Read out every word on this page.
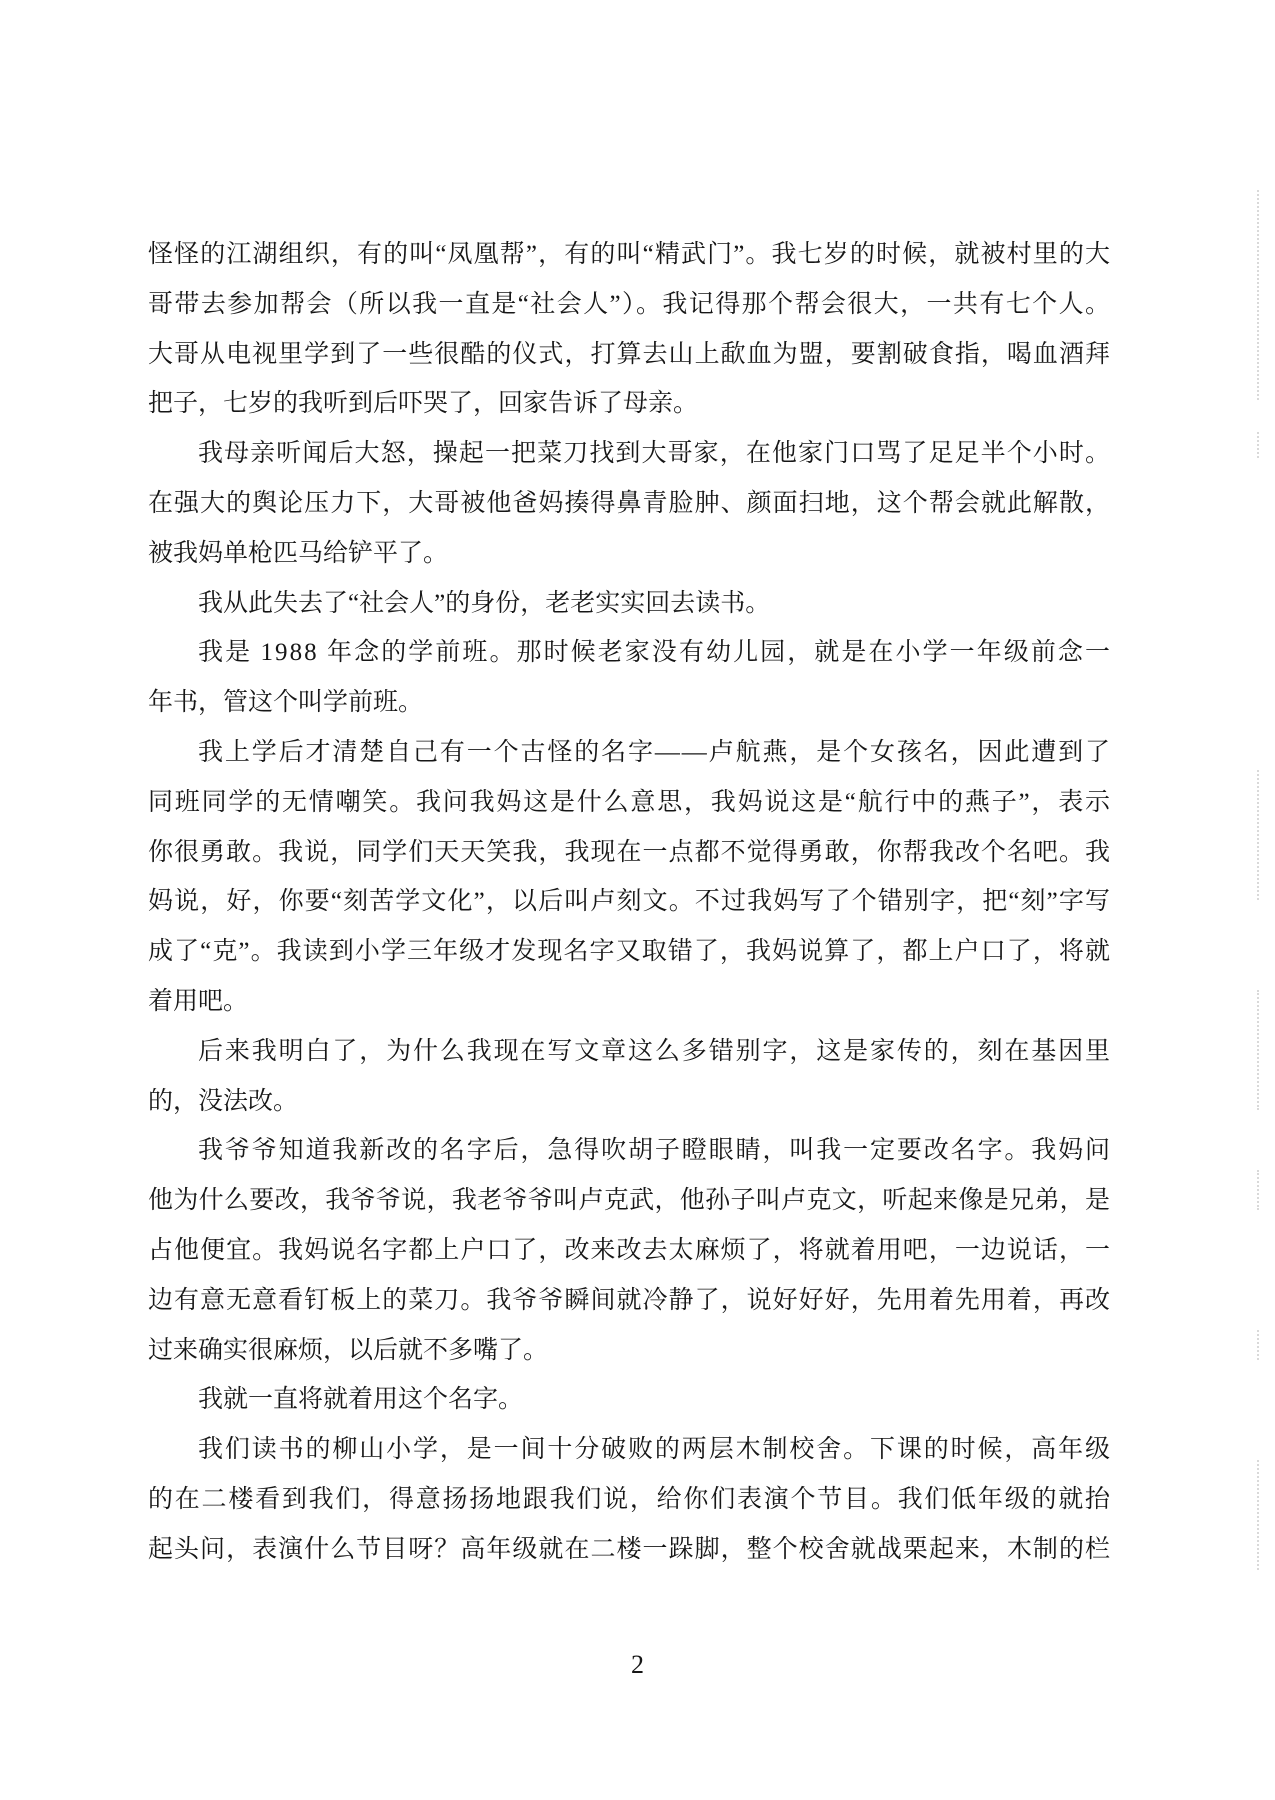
怪怪的江湖组织，有的叫“凤凰帮”，有的叫“精武门”。我七岁的时候，就被村里的大
哥带去参加帮会（所以我一直是“社会人”）。我记得那个帮会很大，一共有七个人。
大哥从电视里学到了一些很酷的仪式，打算去山上歃血为盟，要割破食指，喝血酒拜
把子，七岁的我听到后吓哭了，回家告诉了母亲。
我母亲听闻后大怒，操起一把菜刀找到大哥家，在他家门口骂了足足半个小时。
在强大的舆论压力下，大哥被他爸妈揍得鼻青脸肿、颜面扫地，这个帮会就此解散，
被我妈单枪匹马给铲平了。
我从此失去了“社会人”的身份，老老实实回去读书。
我是 1988 年念的学前班。那时候老家没有幼儿园，就是在小学一年级前念一
年书，管这个叫学前班。
我上学后才清楚自己有一个古怪的名字——卢航燕，是个女孩名，因此遭到了
同班同学的无情嘲笑。我问我妈这是什么意思，我妈说这是“航行中的燕子”，表示
你很勇敢。我说，同学们天天笑我，我现在一点都不觉得勇敢，你帮我改个名吧。我
妈说，好，你要“刻苦学文化”，以后叫卢刻文。不过我妈写了个错别字，把“刻”字写
成了“克”。我读到小学三年级才发现名字又取错了，我妈说算了，都上户口了，将就
着用吧。
后来我明白了，为什么我现在写文章这么多错别字，这是家传的，刻在基因里
的，没法改。
我爷爷知道我新改的名字后，急得吹胡子瞪眼睛，叫我一定要改名字。我妈问
他为什么要改，我爷爷说，我老爷爷叫卢克武，他孙子叫卢克文，听起来像是兄弟，是
占他便宜。我妈说名字都上户口了，改来改去太麻烦了，将就着用吧，一边说话，一
边有意无意看钉板上的菜刀。我爷爷瞬间就冷静了，说好好好，先用着先用着，再改
过来确实很麻烦，以后就不多嘴了。
我就一直将就着用这个名字。
我们读书的柳山小学，是一间十分破败的两层木制校舍。下课的时候，高年级
的在二楼看到我们，得意扬扬地跟我们说，给你们表演个节目。我们低年级的就抬
起头问，表演什么节目呀？高年级就在二楼一跺脚，整个校舍就战栗起来，木制的栏
2
